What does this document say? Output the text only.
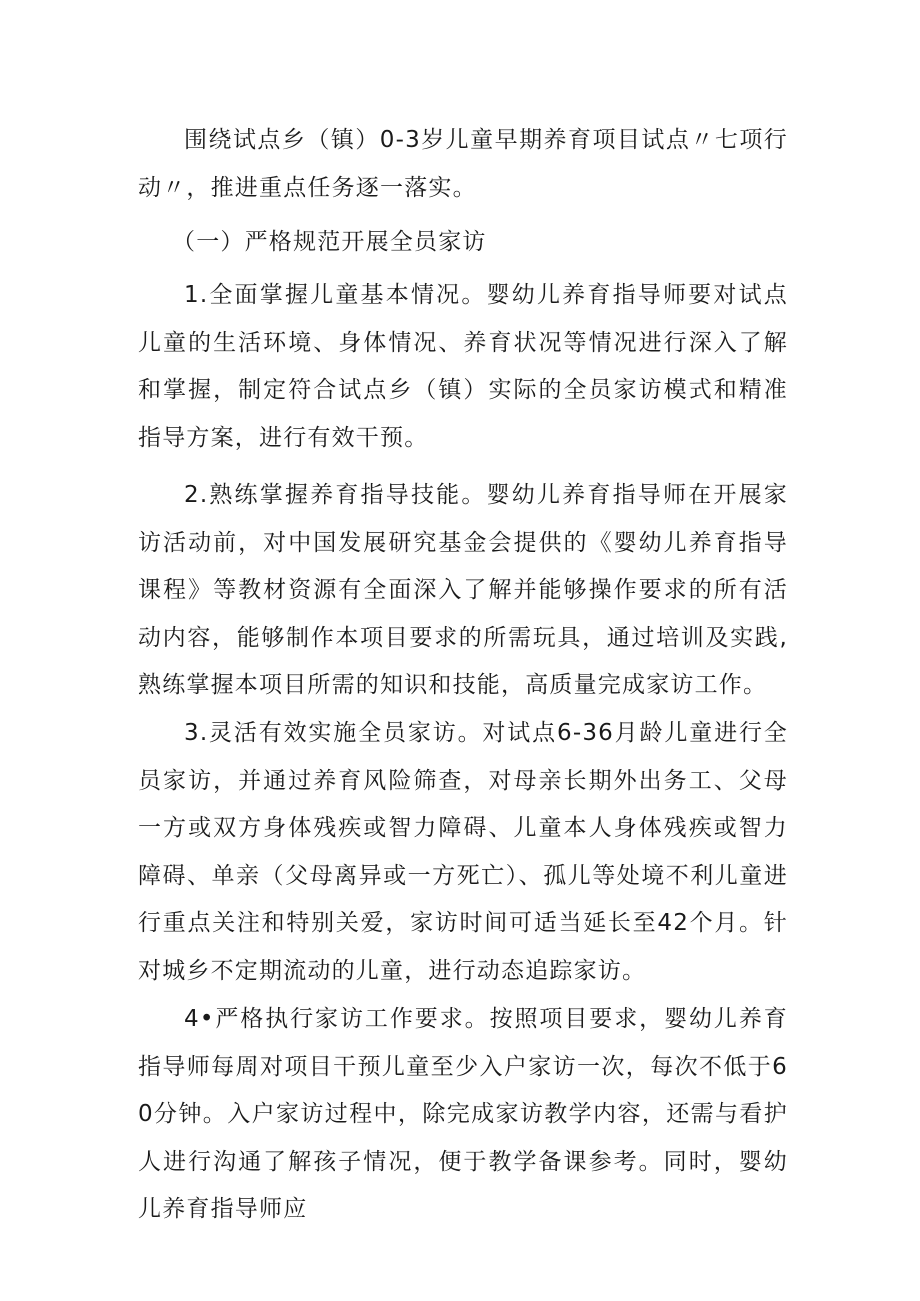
围绕试点乡（镇）0-3岁儿童早期养育项目试点〃七项行动〃，推进重点任务逐一落实。

（一）严格规范开展全员家访

1.全面掌握儿童基本情况。婴幼儿养育指导师要对试点儿童的生活环境、身体情况、养育状况等情况进行深入了解和掌握，制定符合试点乡（镇）实际的全员家访模式和精准指导方案，进行有效干预。

2.熟练掌握养育指导技能。婴幼儿养育指导师在开展家访活动前，对中国发展研究基金会提供的《婴幼儿养育指导课程》等教材资源有全面深入了解并能够操作要求的所有活动内容，能够制作本项目要求的所需玩具，通过培训及实践,熟练掌握本项目所需的知识和技能，高质量完成家访工作。

3.灵活有效实施全员家访。对试点6-36月龄儿童进行全员家访，并通过养育风险筛查，对母亲长期外出务工、父母一方或双方身体残疾或智力障碍、儿童本人身体残疾或智力障碍、单亲（父母离异或一方死亡）、孤儿等处境不利儿童进行重点关注和特别关爱，家访时间可适当延长至42个月。针对城乡不定期流动的儿童，进行动态追踪家访。

4•严格执行家访工作要求。按照项目要求，婴幼儿养育指导师每周对项目干预儿童至少入户家访一次，每次不低于60分钟。入户家访过程中，除完成家访教学内容，还需与看护人进行沟通了解孩子情况，便于教学备课参考。同时，婴幼儿养育指导师应
